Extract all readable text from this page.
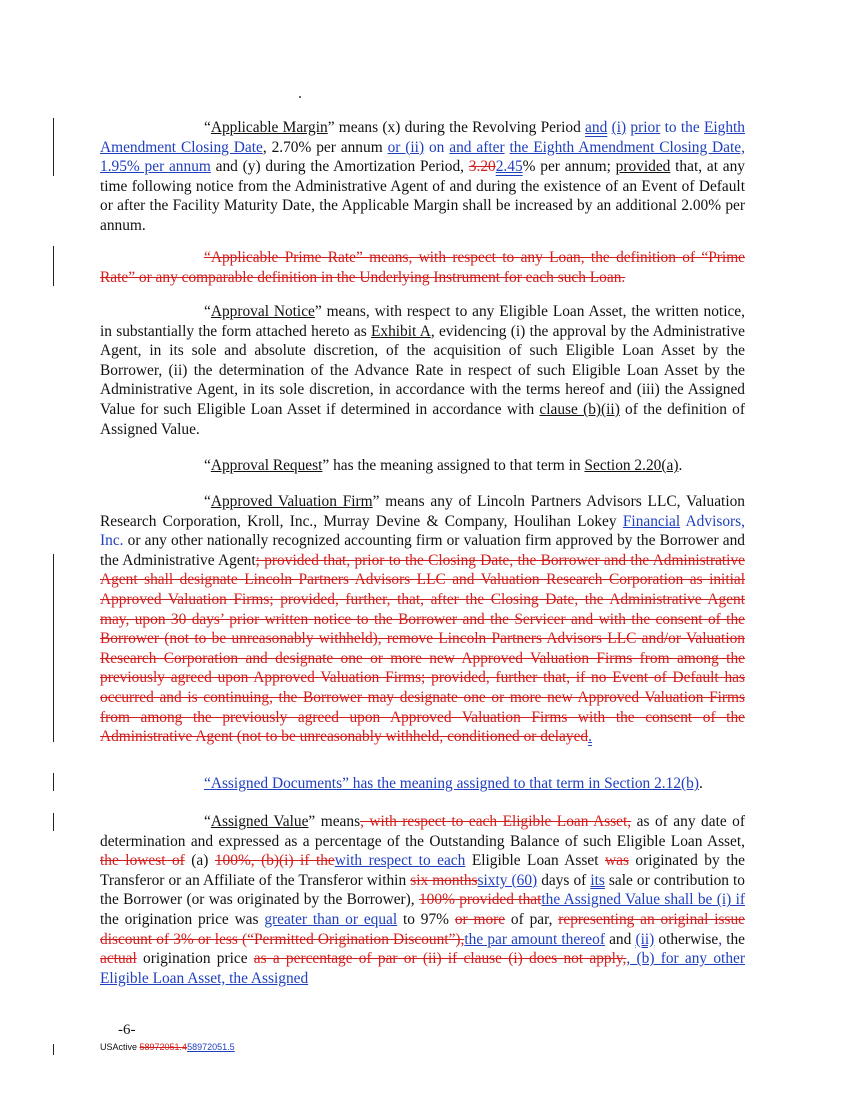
“Applicable Margin” means (x) during the Revolving Period and (i) prior to the Eighth Amendment Closing Date, 2.70% per annum or (ii) on and after the Eighth Amendment Closing Date, 1.95% per annum and (y) during the Amortization Period, 3.202.45% per annum; provided that, at any time following notice from the Administrative Agent of and during the existence of an Event of Default or after the Facility Maturity Date, the Applicable Margin shall be increased by an additional 2.00% per annum.

“Applicable Prime Rate” means, with respect to any Loan, the definition of “Prime Rate” or any comparable definition in the Underlying Instrument for each such Loan.

“Approval Notice” means, with respect to any Eligible Loan Asset, the written notice, in substantially the form attached hereto as Exhibit A, evidencing (i) the approval by the Administrative Agent, in its sole and absolute discretion, of the acquisition of such Eligible Loan Asset by the Borrower, (ii) the determination of the Advance Rate in respect of such Eligible Loan Asset by the Administrative Agent, in its sole discretion, in accordance with the terms hereof and (iii) the Assigned Value for such Eligible Loan Asset if determined in accordance with clause (b)(ii) of the definition of Assigned Value.

“Approval Request” has the meaning assigned to that term in Section 2.20(a).

“Approved Valuation Firm” means any of Lincoln Partners Advisors LLC, Valuation Research Corporation, Kroll, Inc., Murray Devine & Company, Houlihan Lokey Financial Advisors, Inc. or any other nationally recognized accounting firm or valuation firm approved by the Borrower and the Administrative Agent; provided that, prior to the Closing Date, the Borrower and the Administrative Agent shall designate Lincoln Partners Advisors LLC and Valuation Research Corporation as initial Approved Valuation Firms; provided, further, that, after the Closing Date, the Administrative Agent may, upon 30 days’ prior written notice to the Borrower and the Servicer and with the consent of the Borrower (not to be unreasonably withheld), remove Lincoln Partners Advisors LLC and/or Valuation Research Corporation and designate one or more new Approved Valuation Firms from among the previously agreed upon Approved Valuation Firms; provided, further that, if no Event of Default has occurred and is continuing, the Borrower may designate one or more new Approved Valuation Firms from among the previously agreed upon Approved Valuation Firms with the consent of the Administrative Agent (not to be unreasonably withheld, conditioned or delayed.

“Assigned Documents” has the meaning assigned to that term in Section 2.12(b).

“Assigned Value” means, with respect to each Eligible Loan Asset, as of any date of determination and expressed as a percentage of the Outstanding Balance of such Eligible Loan Asset, the lowest of (a) 100%, (b)(i) if thewith respect to each Eligible Loan Asset was originated by the Transferor or an Affiliate of the Transferor within six monthssixty (60) days of its sale or contribution to the Borrower (or was originated by the Borrower), 100% provided thatthe Assigned Value shall be (i) if the origination price was greater than or equal to 97% or more of par, representing an original issue discount of 3% or less (“Permitted Origination Discount”),the par amount thereof and (ii) otherwise, the actual origination price as a percentage of par or (ii) if clause (i) does not apply,, (b) for any other Eligible Loan Asset, the Assigned

-6-
USActive 58972051.458972051.5
